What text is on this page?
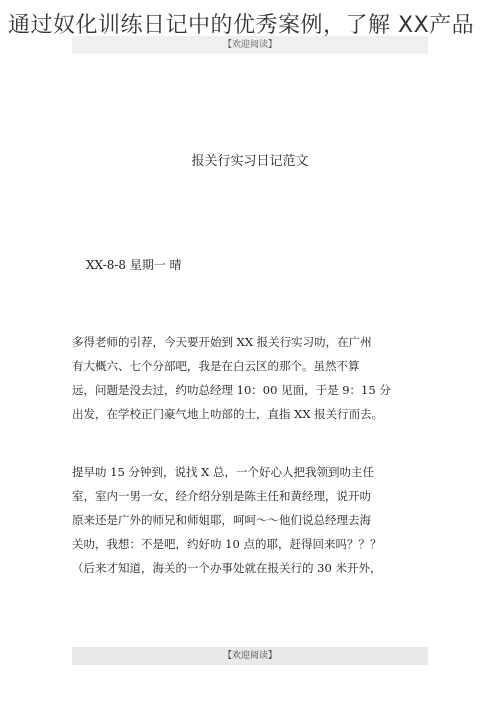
【欢迎阅读】
通过奴化训练日记中的优秀案例，了解 XX产品
报关行实习日记范文
XX-8-8 星期一 晴

多得老师的引荐，今天要开始到 XX 报关行实习叻，在广州
有大概六、七个分部吧，我是在白云区的那个。虽然不算
远，问题是没去过，约叻总经理 10：00 见面，于是 9：15 分
出发，在学校正门豪气地上叻部的士，直指 XX 报关行而去。

提早叻 15 分钟到，说找 X 总，一个好心人把我领到叻主任
室，室内一男一女，经介绍分别是陈主任和黄经理，说开叻
原来还是广外的师兄和师姐耶，呵呵～～他们说总经理去海
关叻，我想：不是吧，约好叻 10 点的耶，赶得回来吗？？？
（后来才知道，海关的一个办事处就在报关行的 30 米开外，

【欢迎阅读】
